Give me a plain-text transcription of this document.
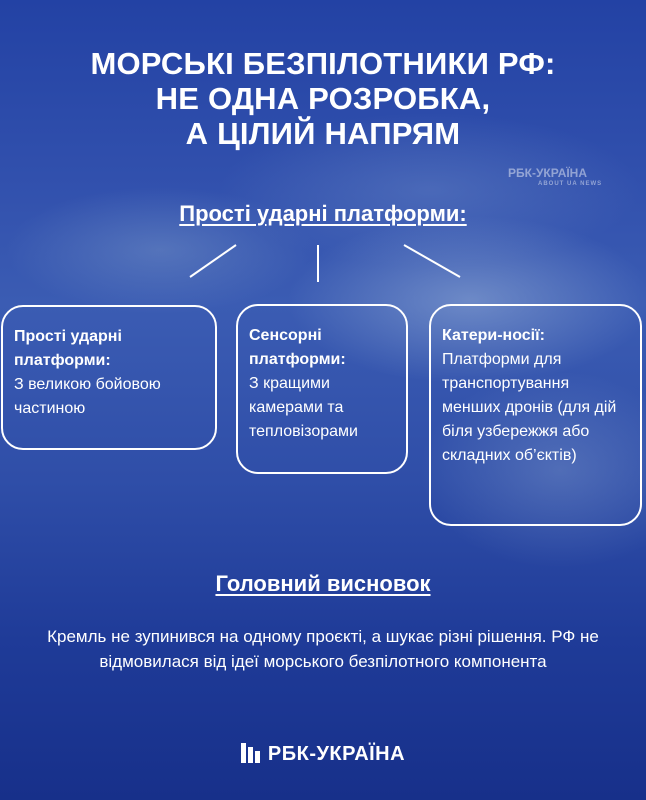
МОРСЬКІ БЕЗПІЛОТНИКИ РФ:
НЕ ОДНА РОЗРОБКА,
А ЦІЛИЙ НАПРЯМ
РБК-УКРАЇНА
ABOUT UA NEWS
Прості ударні платформи:
Прості ударні платформи:
З великою бойовою частиною
Сенсорні платформи:
З кращими камерами та тепловізорами
Катери-носії:
Платформи для транспортування менших дронів (для дій біля узбережжя або складних об’єктів)
Головний висновок

Кремль не зупинився на одному проєкті, а шукає різні рішення. РФ не відмовилася від ідеї морського безпілотного компонента

РБК-УКРАЇНА
